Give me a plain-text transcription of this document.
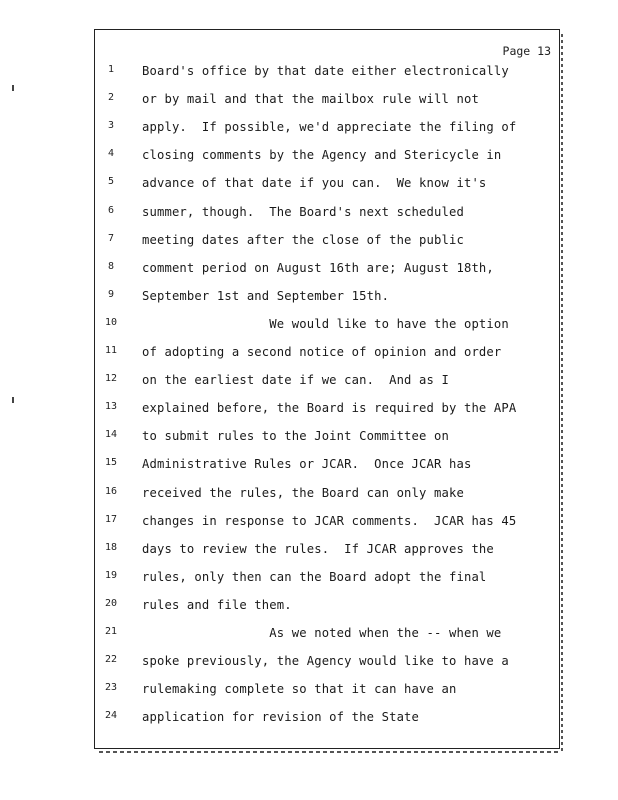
Page 13
1	Board's office by that date either electronically
2	or by mail and that the mailbox rule will not
3	apply.  If possible, we'd appreciate the filing of
4	closing comments by the Agency and Stericycle in
5	advance of that date if you can.  We know it's
6	summer, though.  The Board's next scheduled
7	meeting dates after the close of the public
8	comment period on August 16th are; August 18th,
9	September 1st and September 15th.
10	We would like to have the option
11	of adopting a second notice of opinion and order
12	on the earliest date if we can.  And as I
13	explained before, the Board is required by the APA
14	to submit rules to the Joint Committee on
15	Administrative Rules or JCAR.  Once JCAR has
16	received the rules, the Board can only make
17	changes in response to JCAR comments.  JCAR has 45
18	days to review the rules.  If JCAR approves the
19	rules, only then can the Board adopt the final
20	rules and file them.
21	As we noted when the -- when we
22	spoke previously, the Agency would like to have a
23	rulemaking complete so that it can have an
24	application for revision of the State
